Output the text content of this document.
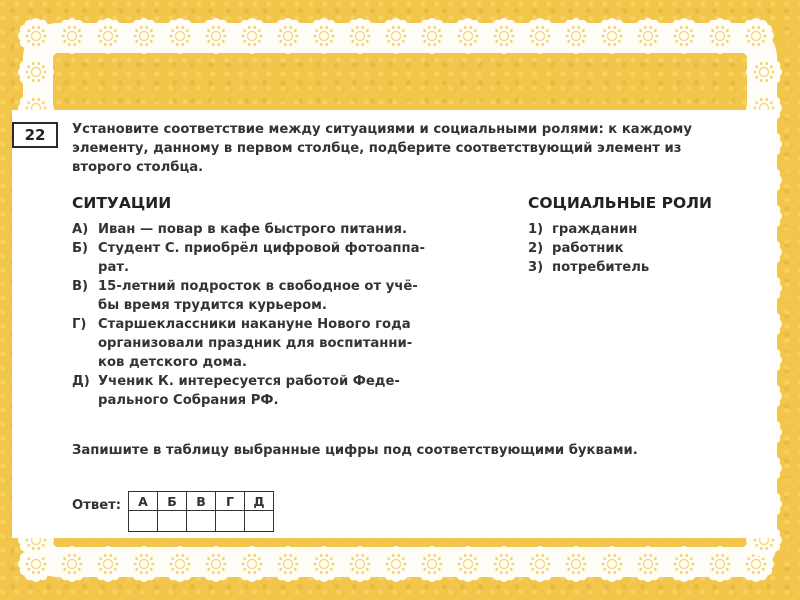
22	Установите соответствие между ситуациями и социальными ролями: к каждому
элементу, данному в первом столбце, подберите соответствующий элемент из
второго столбца.
СИТУАЦИИ	СОЦИАЛЬНЫЕ РОЛИ
А) Иван — повар в кафе быстрого питания.
Б) Студент С. приобрёл цифровой фотоаппа-
рат.
В) 15-летний подросток в свободное от учё-
бы время трудится курьером.
Г) Старшеклассники накануне Нового года
организовали праздник для воспитанни-
ков детского дома.
Д) Ученик К. интересуется работой Феде-
рального Собрания РФ.
1) гражданин
2) работник
3) потребитель
Запишите в таблицу выбранные цифры под соответствующими буквами.
Ответ: А	Б	В	Г	Д
